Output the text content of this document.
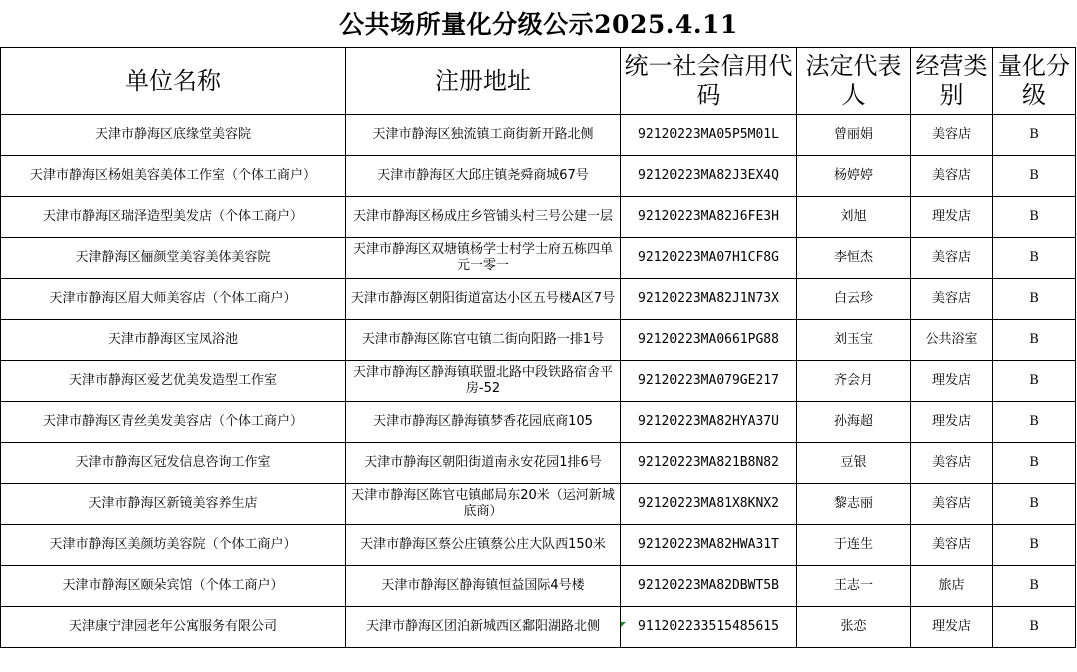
公共场所量化分级公示2025.4.11
单位名称	注册地址	统一社会信用代码	法定代表人	经营类别	量化分级
天津市静海区底缘堂美容院	天津市静海区独流镇工商街新开路北侧	92120223MA05P5M01L	曾丽娟	美容店	B
天津市静海区杨姐美容美体工作室（个体工商户）	天津市静海区大邱庄镇尧舜商城67号	92120223MA82J3EX4Q	杨婷婷	美容店	B
天津市静海区瑞泽造型美发店（个体工商户）	天津市静海区杨成庄乡管铺头村三号公建一层	92120223MA82J6FE3H	刘旭	理发店	B
天津静海区俪颜堂美容美体美容院	天津市静海区双塘镇杨学士村学士府五栋四单元一零一	92120223MA07H1CF8G	李恒杰	美容店	B
天津市静海区眉大师美容店（个体工商户）	天津市静海区朝阳街道富达小区五号楼A区7号	92120223MA82J1N73X	白云珍	美容店	B
天津市静海区宝凤浴池	天津市静海区陈官屯镇二街向阳路一排1号	92120223MA0661PG88	刘玉宝	公共浴室	B
天津市静海区爱艺优美发造型工作室	天津市静海区静海镇联盟北路中段铁路宿舍平房-52	92120223MA079GE217	齐会月	理发店	B
天津市静海区青丝美发美容店（个体工商户）	天津市静海区静海镇梦香花园底商105	92120223MA82HYA37U	孙海超	理发店	B
天津市静海区冠发信息咨询工作室	天津市静海区朝阳街道南永安花园1排6号	92120223MA821B8N82	豆银	美容店	B
天津市静海区新镜美容养生店	天津市静海区陈官屯镇邮局东20米（运河新城底商）	92120223MA81X8KNX2	黎志丽	美容店	B
天津市静海区美颜坊美容院（个体工商户）	天津市静海区蔡公庄镇蔡公庄大队西150米	92120223MA82HWA31T	于连生	美容店	B
天津市静海区颐朵宾馆（个体工商户）	天津市静海区静海镇恒益国际4号楼	92120223MA82DBWT5B	王志一	旅店	B
天津康宁津园老年公寓服务有限公司	天津市静海区团泊新城西区鄱阳湖路北侧	911202233515485615	张恋	理发店	B
